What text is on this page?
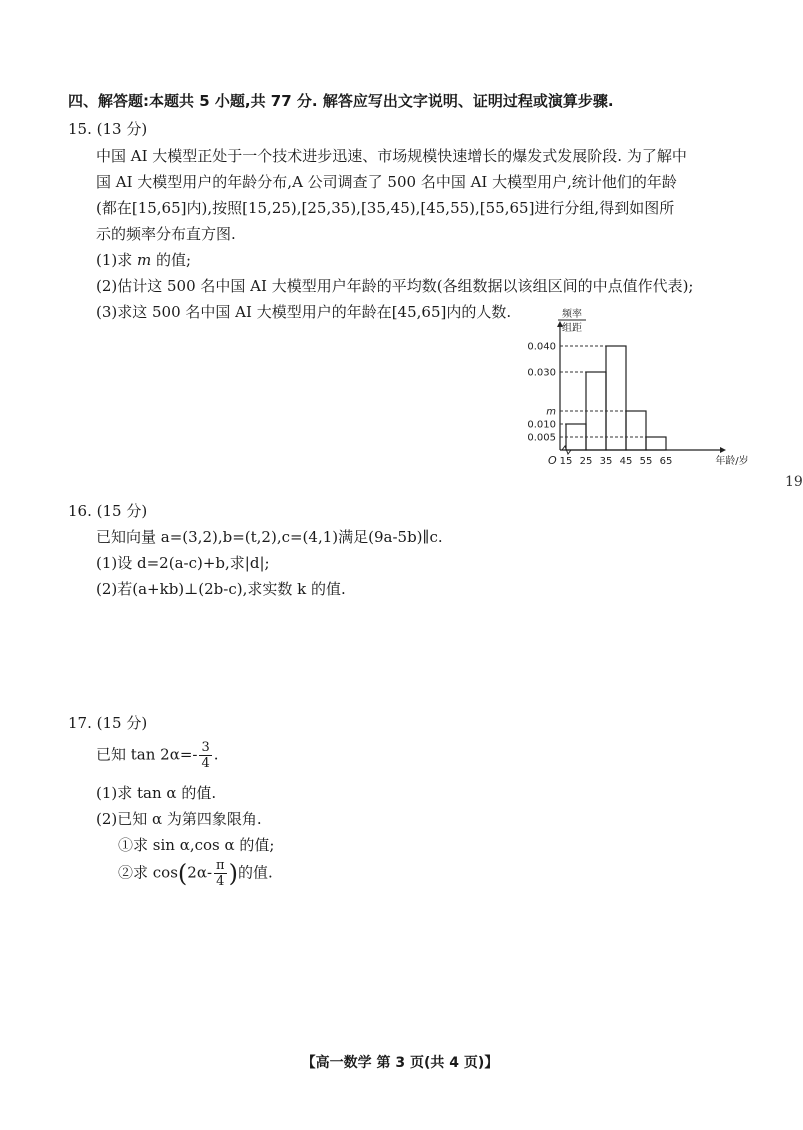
四、解答题:本题共 5 小题,共 77 分. 解答应写出文字说明、证明过程或演算步骤.
15. (13 分)
中国 AI 大模型正处于一个技术进步迅速、市场规模快速增长的爆发式发展阶段. 为了解中
国 AI 大模型用户的年龄分布,A 公司调查了 500 名中国 AI 大模型用户,统计他们的年龄
(都在[15,65]内),按照[15,25),[25,35),[35,45),[45,55),[55,65]进行分组,得到如图所
示的频率分布直方图.
(1)求 m 的值;
(2)估计这 500 名中国 AI 大模型用户年龄的平均数(各组数据以该组区间的中点值作代表);
(3)求这 500 名中国 AI 大模型用户的年龄在[45,65]内的人数.
0.040
0.030
m
0.010
0.005
15 25 35 45 55 65
O	年龄/岁
频率
组距
19
16. (15 分)
已知向量 a=(3,2),b=(t,2),c=(4,1)满足(9a-5b)∥c.
(1)设 d=2(a-c)+b,求|d|;
(2)若(a+kb)⊥(2b-c),求实数 k 的值.
17. (15 分)
已知 $\tan 2\alpha=- \frac{3}{4}$ .
(1)求 tan α 的值.
(2)已知 α 为第四象限角.
①求 sin α,cos α 的值;
②求 $\cos(2\alpha- \frac{\pi}{4}$ )的值.
【高一数学 第 3 页(共 4 页)】
